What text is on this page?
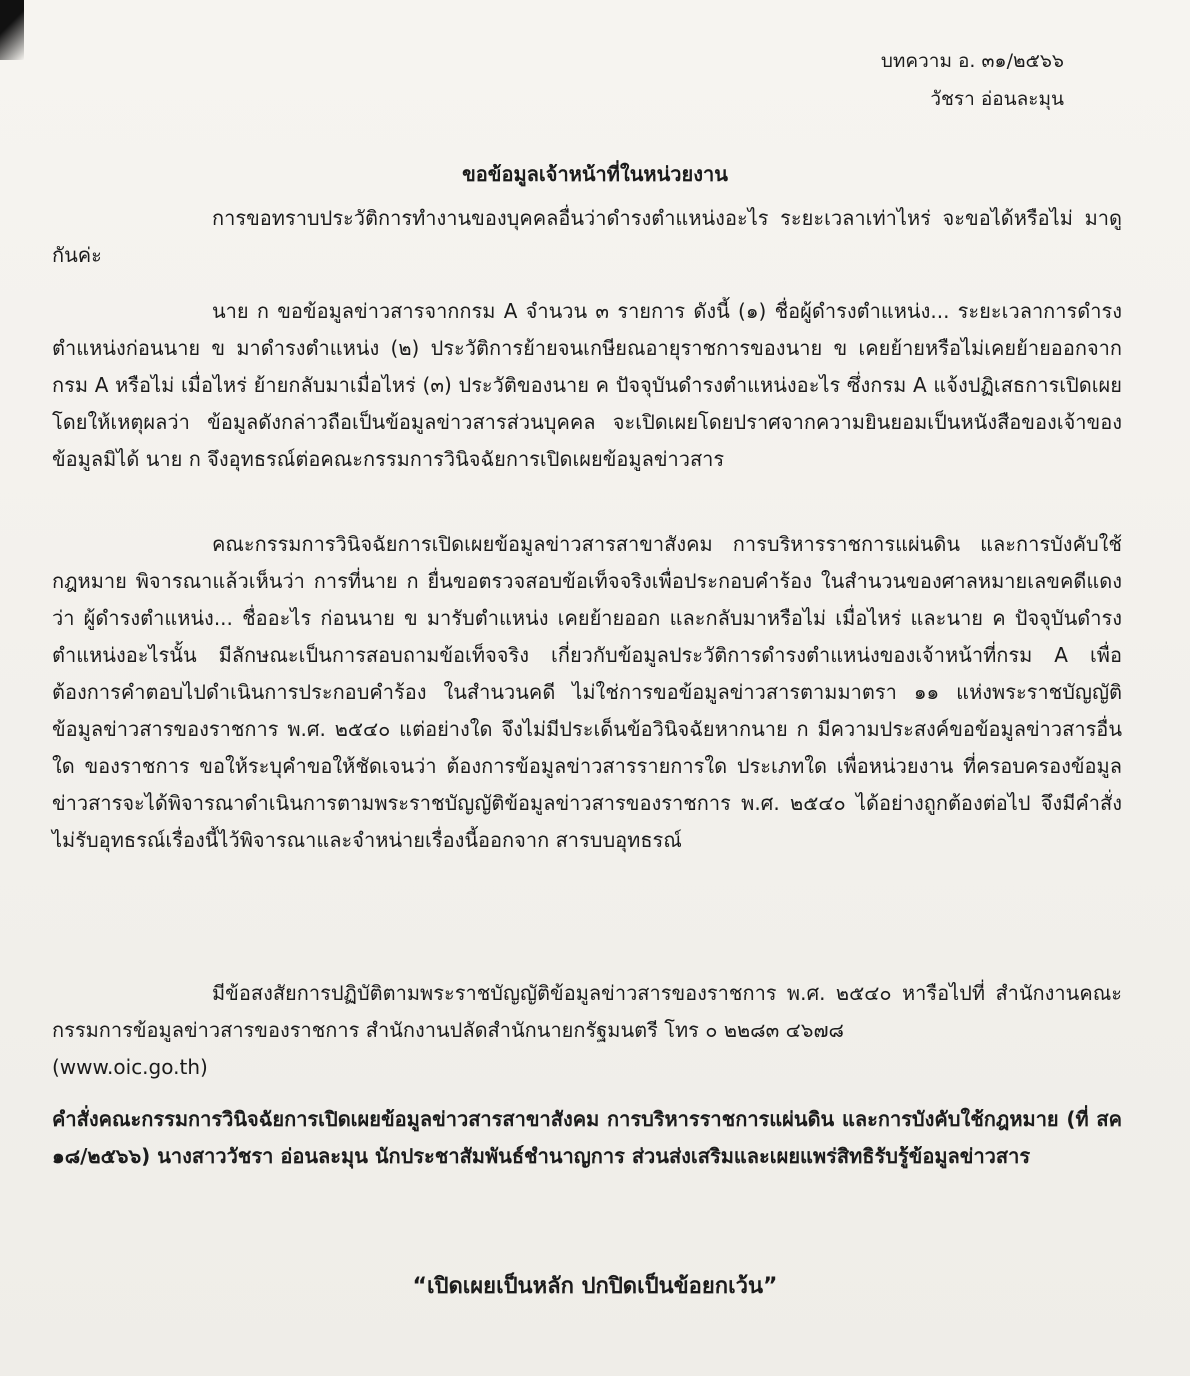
บทความ อ. ๓๑/๒๕๖๖
วัชรา อ่อนละมุน
ขอข้อมูลเจ้าหน้าที่ในหน่วยงาน
การขอทราบประวัติการทำงานของบุคคลอื่นว่าดำรงตำแหน่งอะไร ระยะเวลาเท่าไหร่ จะขอได้หรือไม่ มาดูกันค่ะ
นาย ก ขอข้อมูลข่าวสารจากกรม A จำนวน ๓ รายการ ดังนี้ (๑) ชื่อผู้ดำรงตำแหน่ง... ระยะเวลาการดำรงตำแหน่งก่อนนาย ข มาดำรงตำแหน่ง (๒) ประวัติการย้ายจนเกษียณอายุราชการของนาย ข เคยย้ายหรือไม่เคยย้ายออกจากกรม A หรือไม่ เมื่อไหร่ ย้ายกลับมาเมื่อไหร่ (๓) ประวัติของนาย ค ปัจจุบันดำรงตำแหน่งอะไร ซึ่งกรม A แจ้งปฏิเสธการเปิดเผยโดยให้เหตุผลว่า ข้อมูลดังกล่าวถือเป็นข้อมูลข่าวสารส่วนบุคคล จะเปิดเผยโดยปราศจากความยินยอมเป็นหนังสือของเจ้าของข้อมูลมิได้ นาย ก จึงอุทธรณ์ต่อคณะกรรมการวินิจฉัยการเปิดเผยข้อมูลข่าวสาร
คณะกรรมการวินิจฉัยการเปิดเผยข้อมูลข่าวสารสาขาสังคม การบริหารราชการแผ่นดิน และการบังคับใช้กฎหมาย พิจารณาแล้วเห็นว่า การที่นาย ก ยื่นขอตรวจสอบข้อเท็จจริงเพื่อประกอบคำร้อง ในสำนวนของศาลหมายเลขคดีแดงว่า ผู้ดำรงตำแหน่ง... ชื่ออะไร ก่อนนาย ข มารับตำแหน่ง เคยย้ายออก และกลับมาหรือไม่ เมื่อไหร่ และนาย ค ปัจจุบันดำรงตำแหน่งอะไรนั้น มีลักษณะเป็นการสอบถามข้อเท็จจริง เกี่ยวกับข้อมูลประวัติการดำรงตำแหน่งของเจ้าหน้าที่กรม A เพื่อต้องการคำตอบไปดำเนินการประกอบคำร้อง ในสำนวนคดี ไม่ใช่การขอข้อมูลข่าวสารตามมาตรา ๑๑ แห่งพระราชบัญญัติข้อมูลข่าวสารของราชการ พ.ศ. ๒๕๔๐ แต่อย่างใด จึงไม่มีประเด็นข้อวินิจฉัยหากนาย ก มีความประสงค์ขอข้อมูลข่าวสารอื่นใด ของราชการ ขอให้ระบุคำขอให้ชัดเจนว่า ต้องการข้อมูลข่าวสารรายการใด ประเภทใด เพื่อหน่วยงาน ที่ครอบครองข้อมูลข่าวสารจะได้พิจารณาดำเนินการตามพระราชบัญญัติข้อมูลข่าวสารของราชการ พ.ศ. ๒๕๔๐ ได้อย่างถูกต้องต่อไป จึงมีคำสั่งไม่รับอุทธรณ์เรื่องนี้ไว้พิจารณาและจำหน่ายเรื่องนี้ออกจาก สารบบอุทธรณ์
มีข้อสงสัยการปฏิบัติตามพระราชบัญญัติข้อมูลข่าวสารของราชการ พ.ศ. ๒๕๔๐ หารือไปที่ สำนักงานคณะกรรมการข้อมูลข่าวสารของราชการ สำนักงานปลัดสำนักนายกรัฐมนตรี โทร ๐ ๒๒๘๓ ๔๖๗๘
(www.oic.go.th)
คำสั่งคณะกรรมการวินิจฉัยการเปิดเผยข้อมูลข่าวสารสาขาสังคม การบริหารราชการแผ่นดิน และการบังคับใช้กฎหมาย (ที่ สค ๑๘/๒๕๖๖) นางสาววัชรา อ่อนละมุน นักประชาสัมพันธ์ชำนาญการ ส่วนส่งเสริมและเผยแพร่สิทธิรับรู้ข้อมูลข่าวสาร
“เปิดเผยเป็นหลัก ปกปิดเป็นข้อยกเว้น”
